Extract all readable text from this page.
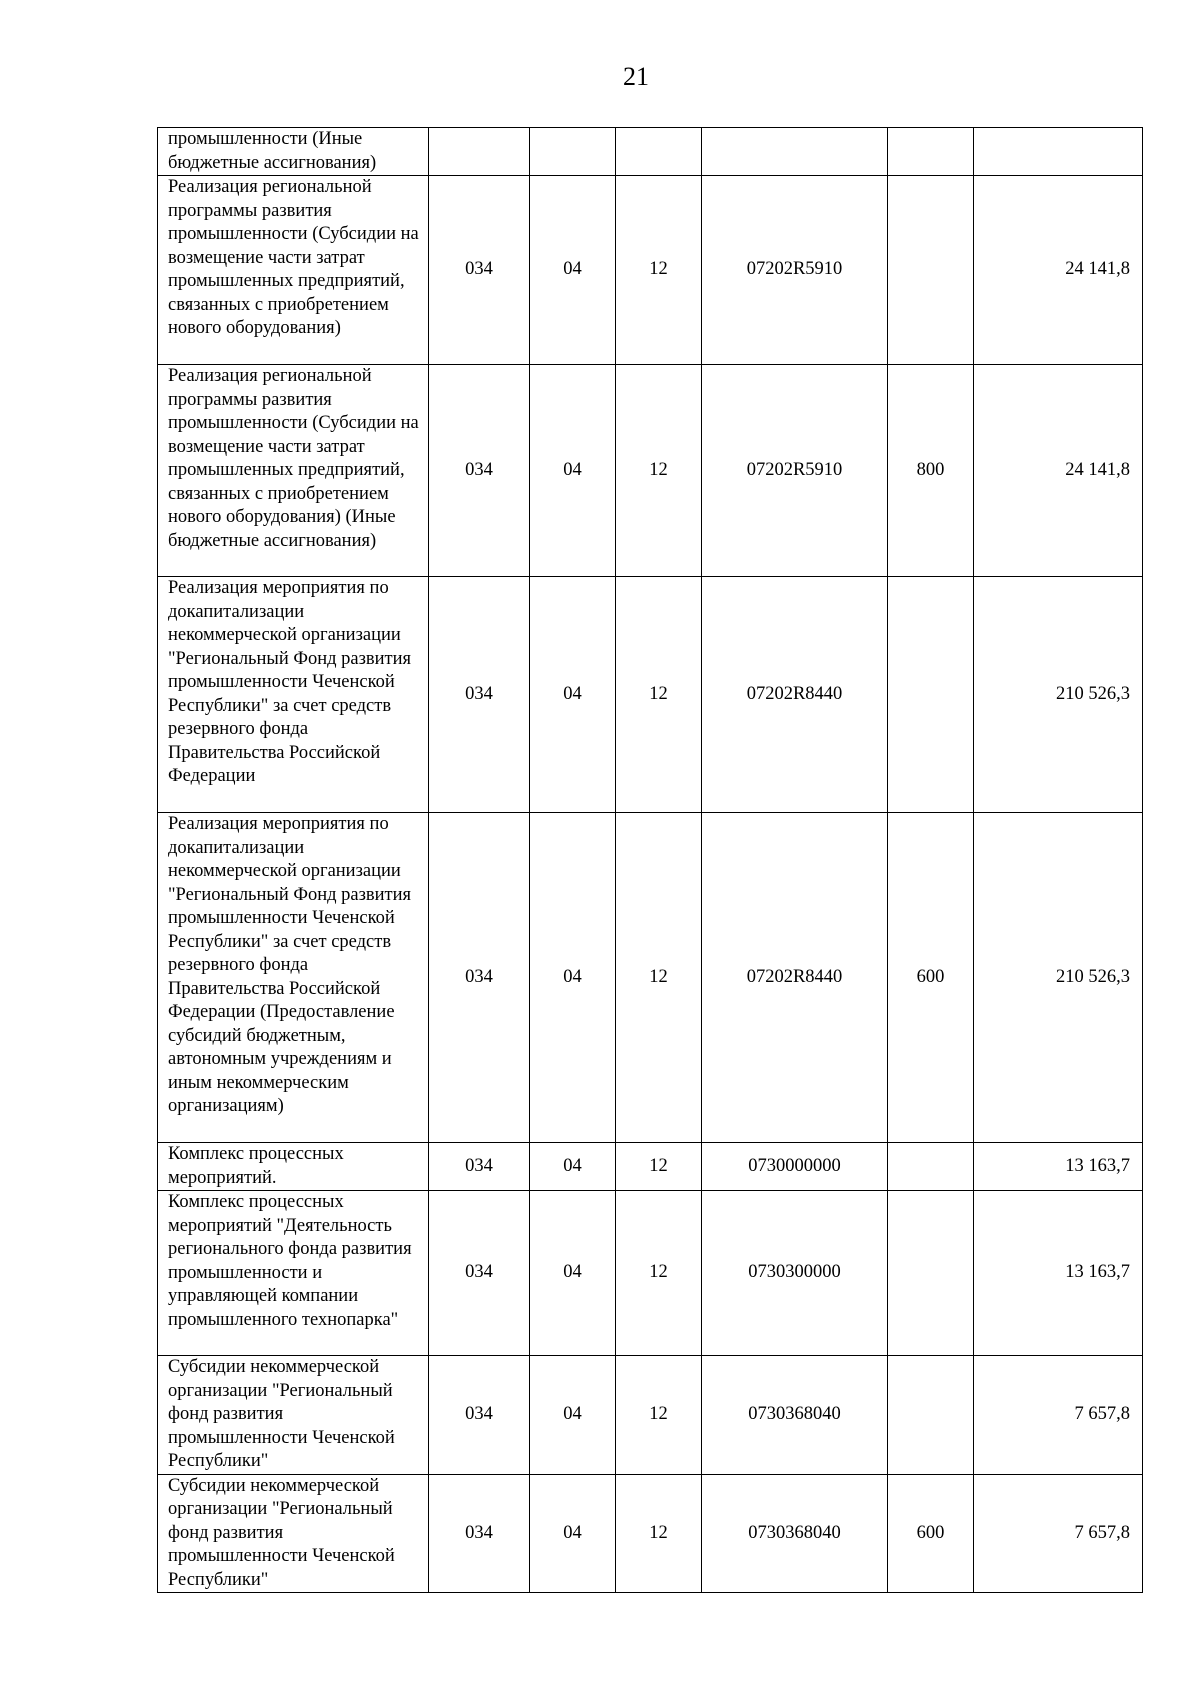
21
промышленности (Иные бюджетные ассигнования)						
Реализация региональной программы развития промышленности (Субсидии на возмещение части затрат промышленных предприятий, связанных с приобретением нового оборудования)	034	04	12	07202R5910		24 141,8
Реализация региональной программы развития промышленности (Субсидии на возмещение части затрат промышленных предприятий, связанных с приобретением нового оборудования) (Иные бюджетные ассигнования)	034	04	12	07202R5910	800	24 141,8
Реализация мероприятия по докапитализации некоммерческой организации "Региональный Фонд развития промышленности Чеченской Республики" за счет средств резервного фонда Правительства Российской Федерации	034	04	12	07202R8440		210 526,3
Реализация мероприятия по докапитализации некоммерческой организации "Региональный Фонд развития промышленности Чеченской Республики" за счет средств резервного фонда Правительства Российской Федерации (Предоставление субсидий бюджетным, автономным учреждениям и иным некоммерческим организациям)	034	04	12	07202R8440	600	210 526,3
Комплекс процессных мероприятий.	034	04	12	0730000000		13 163,7
Комплекс процессных мероприятий "Деятельность регионального фонда развития промышленности и управляющей компании промышленного технопарка"	034	04	12	0730300000		13 163,7
Субсидии некоммерческой организации "Региональный фонд развития промышленности Чеченской Республики"	034	04	12	0730368040		7 657,8
Субсидии некоммерческой организации "Региональный фонд развития промышленности Чеченской Республики"	034	04	12	0730368040	600	7 657,8
